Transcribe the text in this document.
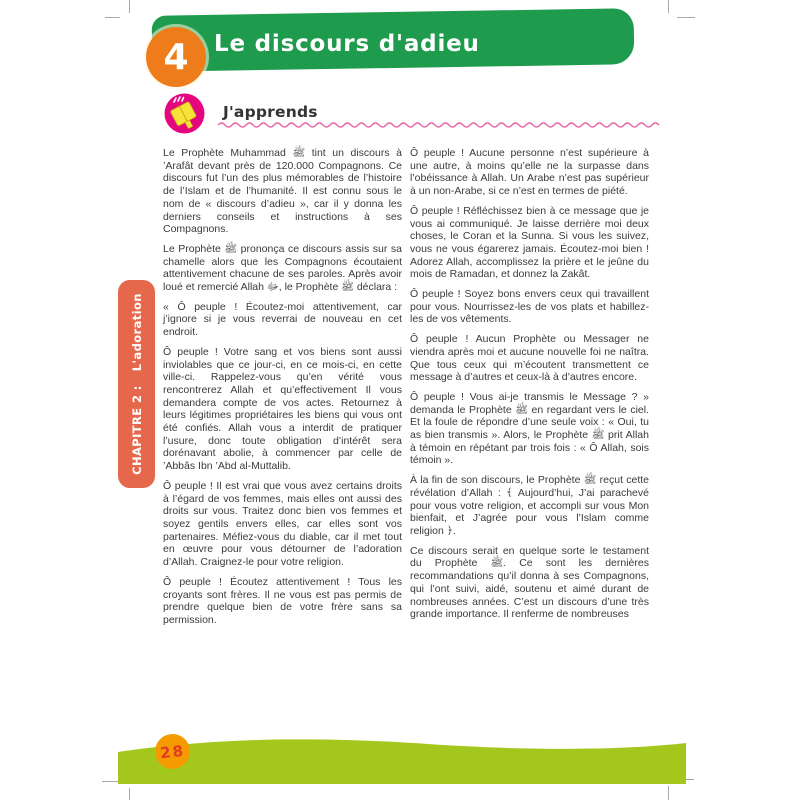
4 Le discours d'adieu
J'apprends

Le Prophète Muhammad ﷺ tint un discours à ’Arafât devant près de 120.000 Compagnons. Ce discours fut l’un des plus mémorables de l’histoire de l’Islam et de l’humanité. Il est connu sous le nom de « discours d’adieu », car il y donna les derniers conseils et instructions à ses Compagnons.

Le Prophète ﷺ prononça ce discours assis sur sa chamelle alors que les Compagnons écoutaient attentivement chacune de ses paroles. Après avoir loué et remercié Allah ﷻ, le Prophète ﷺ déclara :

« Ô peuple ! Écoutez-moi attentivement, car j’ignore si je vous reverrai de nouveau en cet endroit.

Ô peuple ! Votre sang et vos biens sont aussi inviolables que ce jour-ci, en ce mois-ci, en cette ville-ci. Rappelez-vous qu’en vérité vous rencontrerez Allah et qu’effectivement Il vous demandera compte de vos actes. Retournez à leurs légitimes propriétaires les biens qui vous ont été confiés. Allah vous a interdit de pratiquer l’usure, donc toute obligation d’intérêt sera dorénavant abolie, à commencer par celle de ’Abbâs Ibn ’Abd al-Muttalib.

Ô peuple ! Il est vrai que vous avez certains droits à l’égard de vos femmes, mais elles ont aussi des droits sur vous. Traitez donc bien vos femmes et soyez gentils envers elles, car elles sont vos partenaires. Méfiez-vous du diable, car il met tout en œuvre pour vous détourner de l’adoration d’Allah. Craignez-le pour votre religion.

Ô peuple ! Écoutez attentivement ! Tous les croyants sont frères. Il ne vous est pas permis de prendre quelque bien de votre frère sans sa permission.

Ô peuple ! Aucune personne n’est supérieure à une autre, à moins qu’elle ne la surpasse dans l’obéissance à Allah. Un Arabe n’est pas supérieur à un non-Arabe, si ce n’est en termes de piété.

Ô peuple ! Réfléchissez bien à ce message que je vous ai communiqué. Je laisse derrière moi deux choses, le Coran et la Sunna. Si vous les suivez, vous ne vous égarerez jamais. Écoutez-moi bien ! Adorez Allah, accomplissez la prière et le jeûne du mois de Ramadan, et donnez la Zakât.

Ô peuple ! Soyez bons envers ceux qui travaillent pour vous. Nourrissez-les de vos plats et habillez-les de vos vêtements.

Ô peuple ! Aucun Prophète ou Messager ne viendra après moi et aucune nouvelle foi ne naîtra. Que tous ceux qui m’écoutent transmettent ce message à d’autres et ceux-là à d’autres encore.

Ô peuple ! Vous ai-je transmis le Message ? » demanda le Prophète ﷺ en regardant vers le ciel. Et la foule de répondre d’une seule voix : « Oui, tu as bien transmis ». Alors, le Prophète ﷺ prit Allah à témoin en répétant par trois fois : « Ô Allah, sois témoin ».

À la fin de son discours, le Prophète ﷺ reçut cette révélation d’Allah : ﴾ Aujourd’hui, J’ai parachevé pour vous votre religion, et accompli sur vous Mon bienfait, et J’agrée pour vous l’Islam comme religion ﴿.

Ce discours serait en quelque sorte le testament du Prophète ﷺ. Ce sont les dernières recommandations qu’il donna à ses Compagnons, qui l’ont suivi, aidé, soutenu et aimé durant de nombreuses années. C’est un discours d’une très grande importance. Il renferme de nombreuses

CHAPITRE 2 :
L'adoration
28
